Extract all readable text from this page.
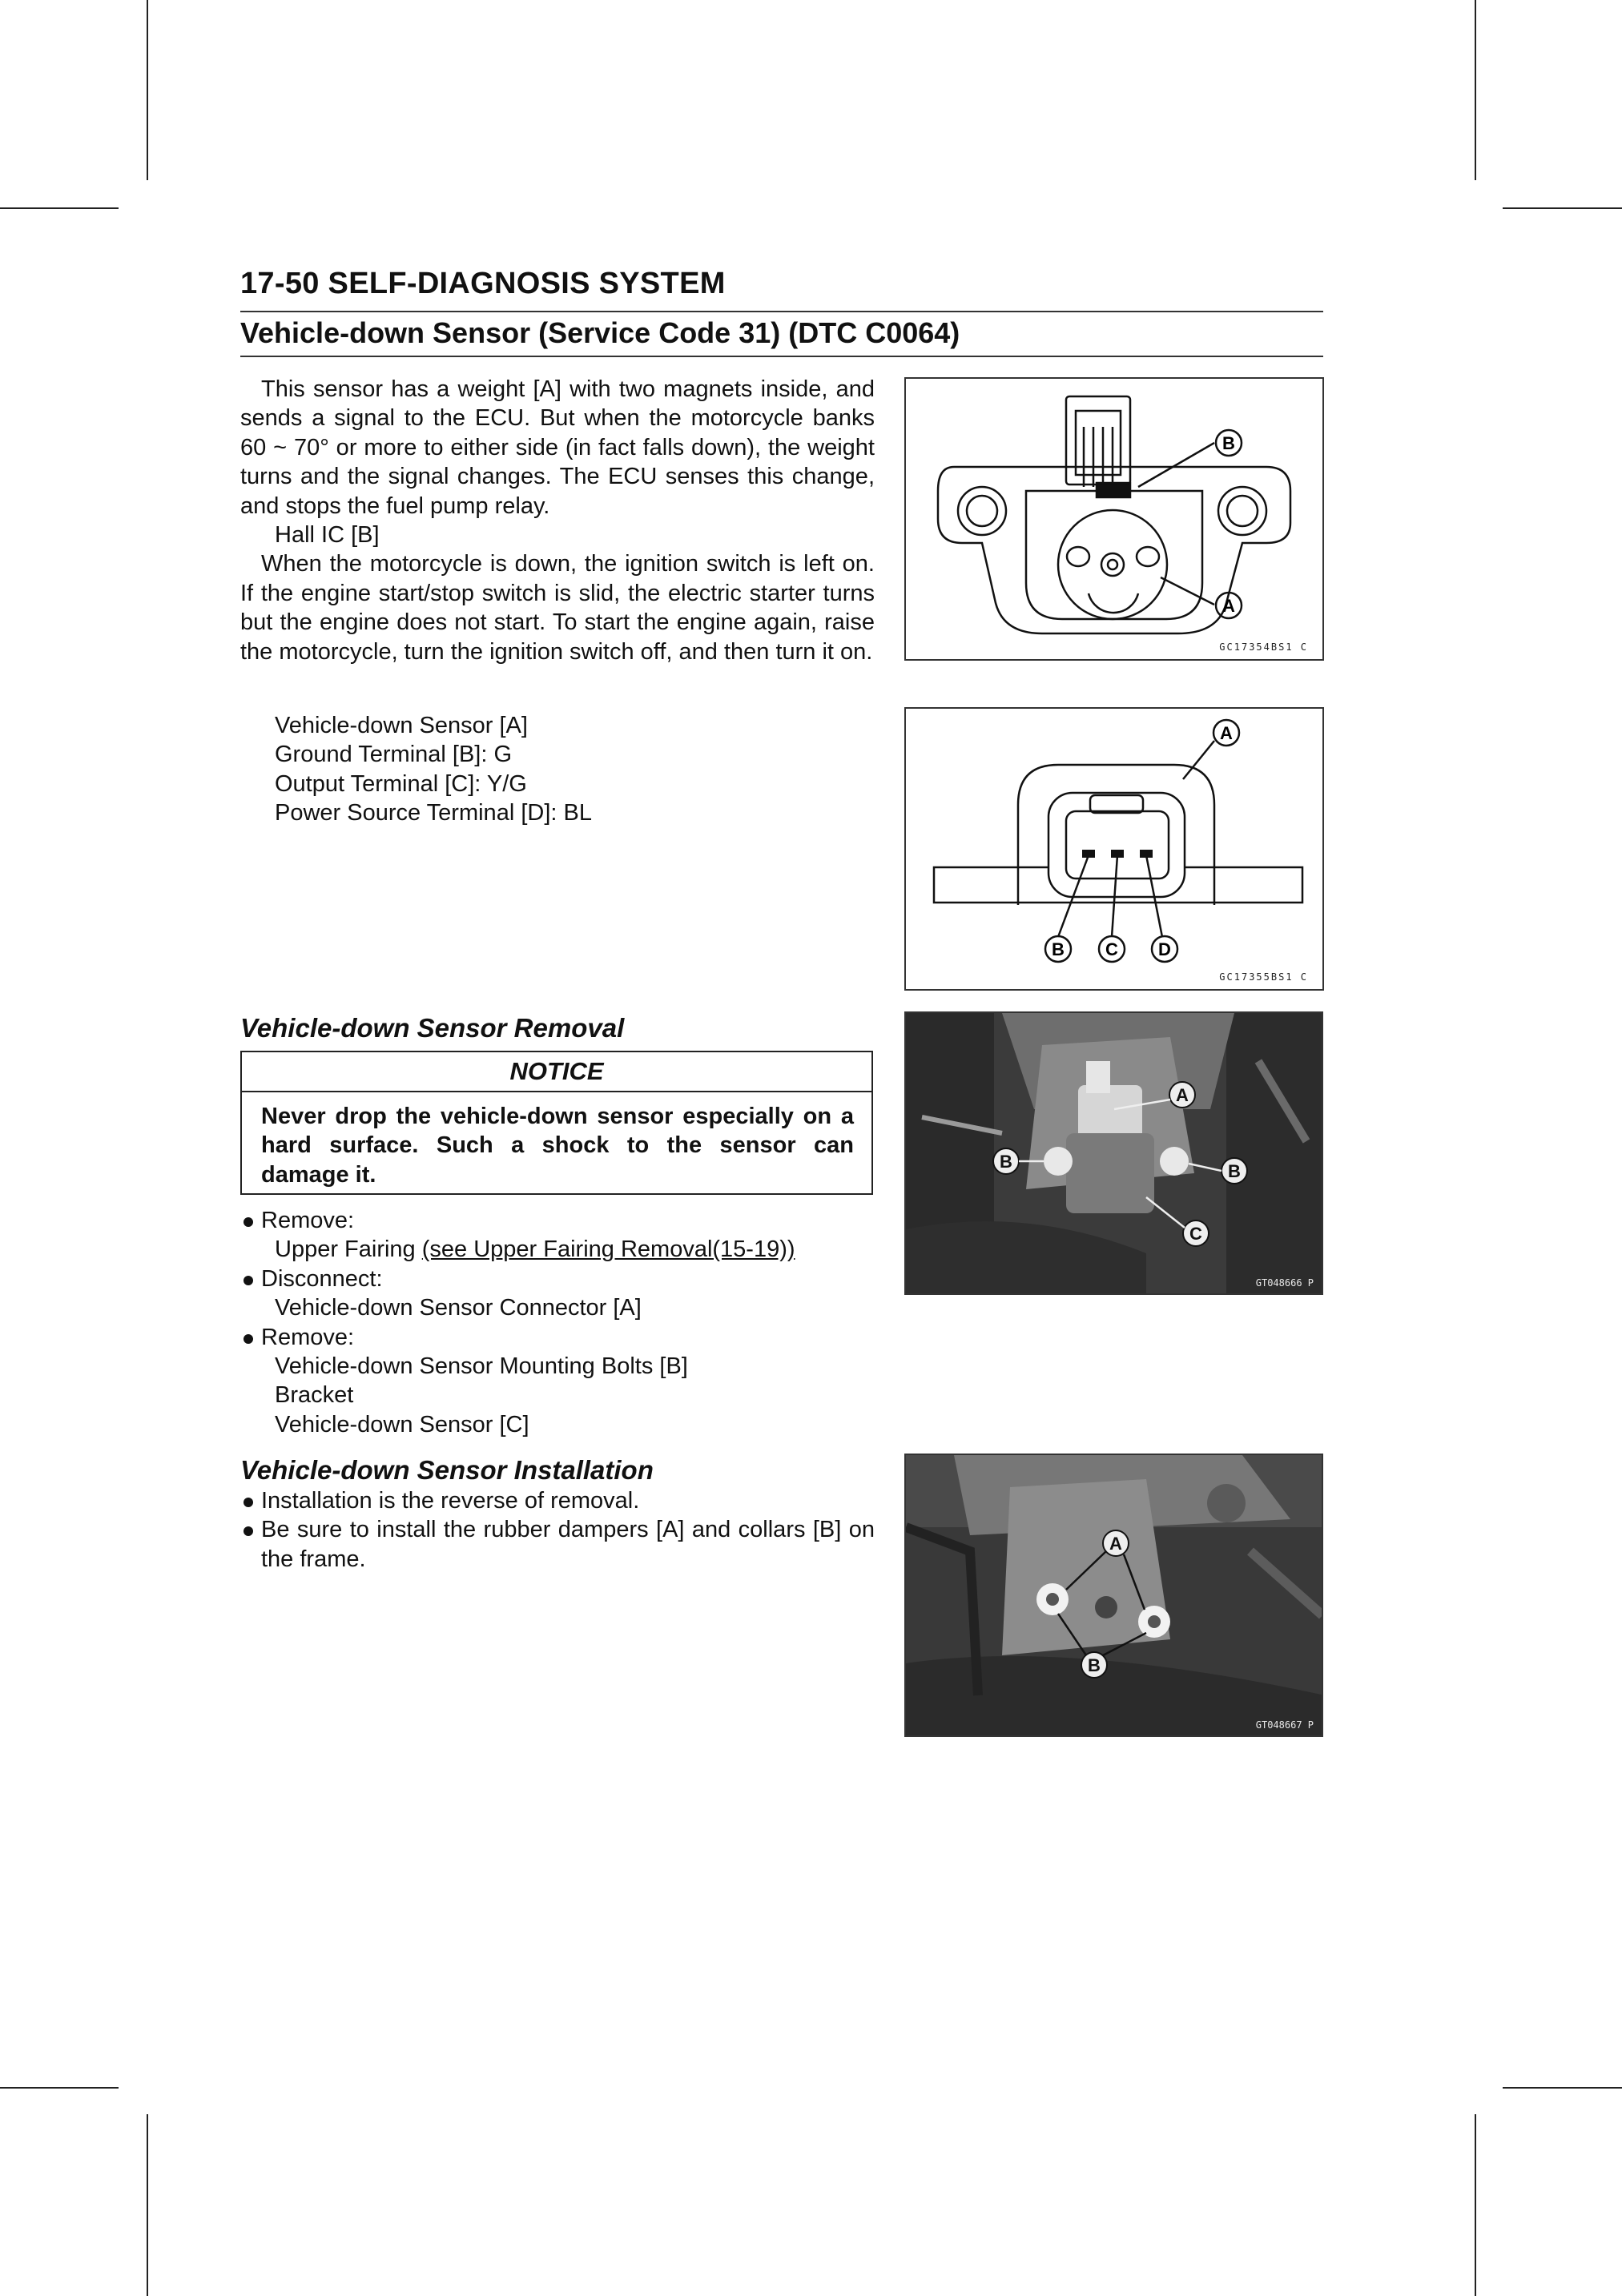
17-50 SELF-DIAGNOSIS SYSTEM
Vehicle-down Sensor (Service Code 31) (DTC C0064)

This sensor has a weight [A] with two magnets inside, and sends a signal to the ECU. But when the motorcycle banks 60 ~ 70° or more to either side (in fact falls down), the weight turns and the signal changes. The ECU senses this change, and stops the fuel pump relay.

Hall IC [B]

When the motorcycle is down, the ignition switch is left on. If the engine start/stop switch is slid, the electric starter turns but the engine does not start. To start the engine again, raise the motorcycle, turn the ignition switch off, and then turn it on.

Vehicle-down Sensor [A]
Ground Terminal [B]: G
Output Terminal [C]: Y/G
Power Source Terminal [D]: BL
Vehicle-down Sensor Removal
NOTICE
Never drop the vehicle-down sensor especially on a hard surface. Such a shock to the sensor can damage it.
Remove:
Upper Fairing (see Upper Fairing Removal(15-19))
Disconnect:
Vehicle-down Sensor Connector [A]
Remove:
Vehicle-down Sensor Mounting Bolts [B]
Bracket
Vehicle-down Sensor [C]
Vehicle-down Sensor Installation
Installation is the reverse of removal.
Be sure to install the rubber dampers [A] and collars [B] on the frame.
B
A
GC17354BS1 C
A
B C D
GC17355BS1 C
A
B	B
C
GT048666 P
A
B
GT048667 P
